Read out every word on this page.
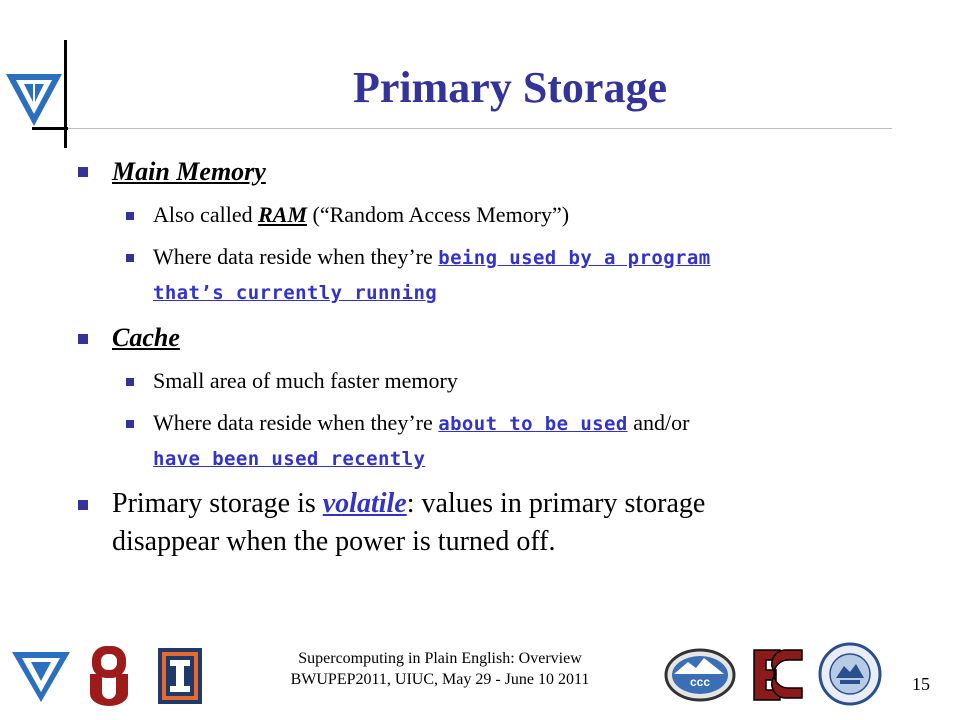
Primary Storage
Main Memory
Also called RAM (“Random Access Memory”)
Where data reside when they’re being used by a program
that’s currently running
Cache
Small area of much faster memory
Where data reside when they’re about to be used and/or
have been used recently
Primary storage is volatile: values in primary storage
disappear when the power is turned off.
Supercomputing in Plain English: Overview
BWUPEP2011, UIUC, May 29 - June 10 2011	ccc	15
